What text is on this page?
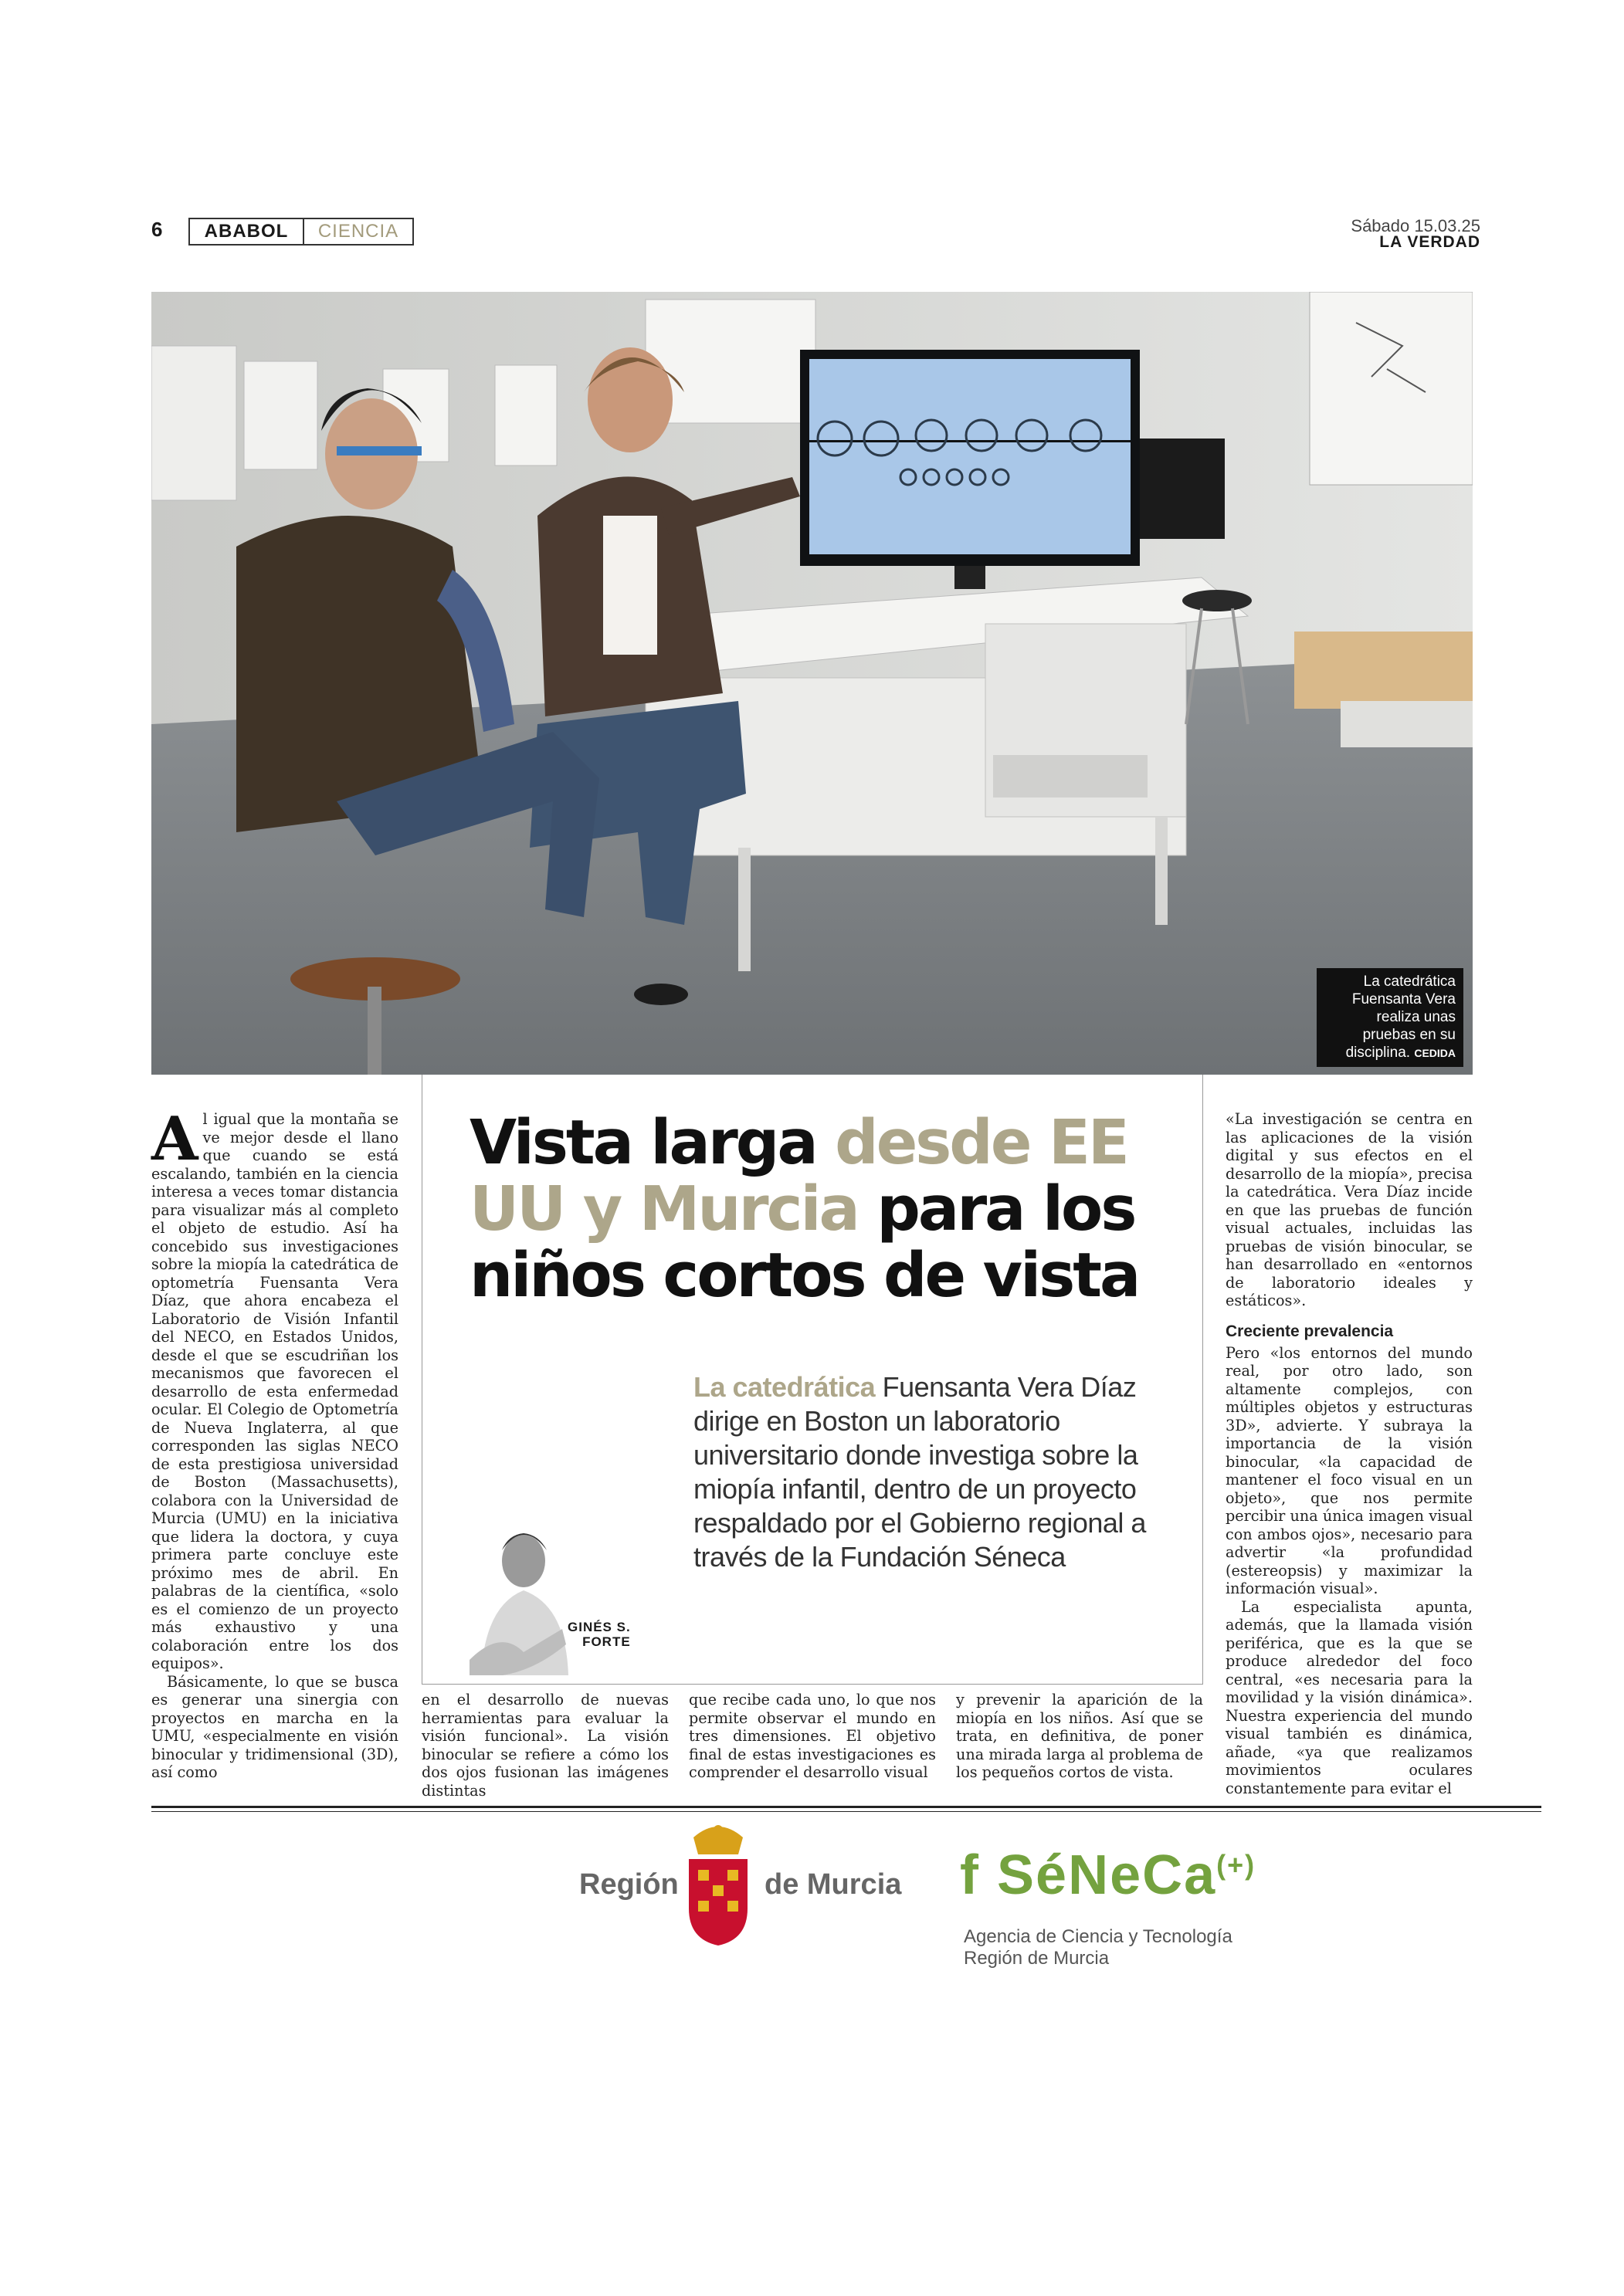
6	ABABOL	CIENCIA	Sábado 15.03.25
LA VERDAD
La catedrática Fuensanta Vera realiza unas pruebas en su disciplina. CEDIDA
Vista larga desde EE UU y Murcia para los niños cortos de vista
La catedrática Fuensanta Vera Díaz dirige en Boston un laboratorio universitario donde investiga sobre la miopía infantil, dentro de un proyecto respaldado por el Gobierno regional a través de la Fundación Séneca
GINÉS S.
FORTE

Al igual que la montaña se ve mejor desde el llano que cuando se está escalando, también en la ciencia interesa a veces tomar distancia para visualizar más al completo el objeto de estudio. Así ha concebido sus investigaciones sobre la miopía la catedrática de optometría Fuensanta Vera Díaz, que ahora encabeza el Laboratorio de Visión Infantil del NECO, en Estados Unidos, desde el que se escudriñan los mecanismos que favorecen el desarrollo de esta enfermedad ocular. El Colegio de Optometría de Nueva Inglaterra, al que corresponden las siglas NECO de esta prestigiosa universidad de Boston (Massachusetts), colabora con la Universidad de Murcia (UMU) en la iniciativa que lidera la doctora, y cuya primera parte concluye este próximo mes de abril. En palabras de la científica, «solo es el comienzo de un proyecto más exhaustivo y una colaboración entre los dos equipos».

Básicamente, lo que se busca es generar una sinergia con proyectos en marcha en la UMU, «especialmente en visión binocular y tridimensional (3D), así como

en el desarrollo de nuevas herramientas para evaluar la visión funcional». La visión binocular se refiere a cómo los dos ojos fusionan las imágenes distintas

que recibe cada uno, lo que nos permite observar el mundo en tres dimensiones. El objetivo final de estas investigaciones es comprender el desarrollo visual

y prevenir la aparición de la miopía en los niños. Así que se trata, en definitiva, de poner una mirada larga al problema de los pequeños cortos de vista.

«La investigación se centra en las aplicaciones de la visión digital y sus efectos en el desarrollo de la miopía», precisa la catedrática. Vera Díaz incide en que las pruebas de función visual actuales, incluidas las pruebas de visión binocular, se han desarrollado en «entornos de laboratorio ideales y estáticos».

Creciente prevalencia

Pero «los entornos del mundo real, por otro lado, son altamente complejos, con múltiples objetos y estructuras 3D», advierte. Y subraya la importancia de la visión binocular, «la capacidad de mantener el foco visual en un objeto», que nos permite percibir una única imagen visual con ambos ojos», necesario para advertir «la profundidad (estereopsis) y maximizar la información visual».

La especialista apunta, además, que la llamada visión periférica, que es la que se produce alrededor del foco central, «es necesaria para la movilidad y la visión dinámica». Nuestra experiencia del mundo visual también es dinámica, añade, «ya que realizamos movimientos oculares constantemente para evitar el

Región	de Murcia f SéNeCa(+)
Agencia de Ciencia y Tecnología
Región de Murcia
